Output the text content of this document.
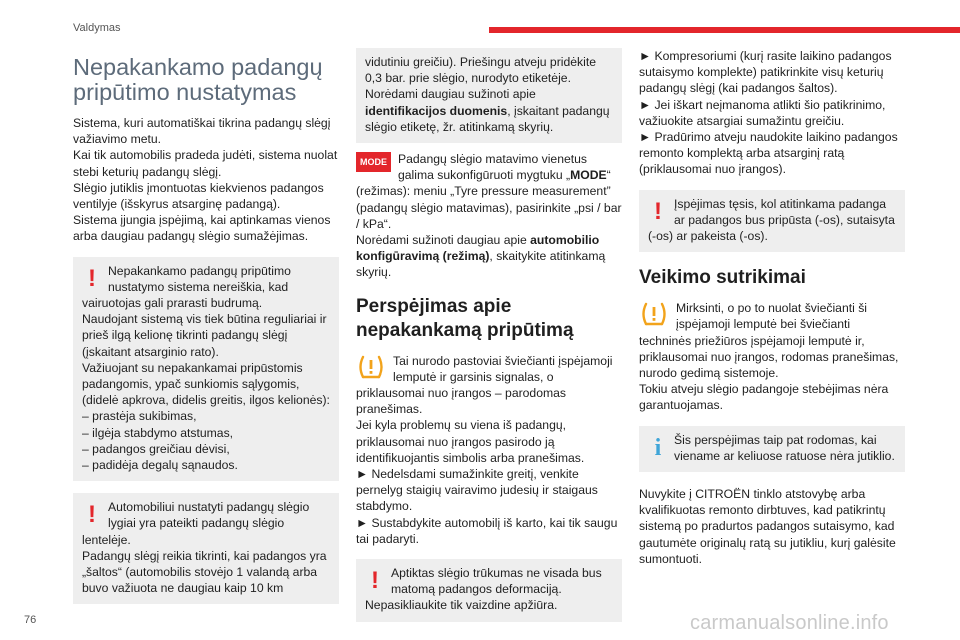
Valdymas
Nepakankamo padangų pripūtimo nustatymas

Sistema, kuri automatiškai tikrina padangų slėgį važiavimo metu.

Kai tik automobilis pradeda judėti, sistema nuolat stebi keturių padangų slėgį.

Slėgio jutiklis įmontuotas kiekvienos padangos ventilyje (išskyrus atsarginę padangą).

Sistema įjungia įspėjimą, kai aptinkamas vienos arba daugiau padangų slėgio sumažėjimas.

! Nepakankamo padangų pripūtimo nustatymo sistema nereiškia, kad vairuotojas gali prarasti budrumą.

Naudojant sistemą vis tiek būtina reguliariai ir prieš ilgą kelionę tikrinti padangų slėgį (įskaitant atsarginio rato).

Važiuojant su nepakankamai pripūstomis padangomis, ypač sunkiomis sąlygomis, (didelė apkrova, didelis greitis, ilgos kelionės):

– prastėja sukibimas,

– ilgėja stabdymo atstumas,

– padangos greičiau dėvisi,

– padidėja degalų sąnaudos.

! Automobiliui nustatyti padangų slėgio lygiai yra pateikti padangų slėgio lentelėje.

Padangų slėgį reikia tikrinti, kai padangos yra „šaltos“ (automobilis stovėjo 1 valandą arba buvo važiuota ne daugiau kaip 10 km

vidutiniu greičiu). Priešingu atveju pridėkite 0,3 bar. prie slėgio, nurodyto etiketėje.

Norėdami daugiau sužinoti apie identifikacijos duomenis, įskaitant padangų slėgio etiketę, žr. atitinkamą skyrių.

MODE Padangų slėgio matavimo vienetus galima sukonfigūruoti mygtuku „MODE“ (režimas): meniu „Tyre pressure measurement” (padangų slėgio matavimas), pasirinkite „psi / bar / kPa“.

Norėdami sužinoti daugiau apie automobilio konfigūravimą (režimą), skaitykite atitinkamą skyrių.

Perspėjimas apie nepakankamą pripūtimą

Tai nurodo pastoviai šviečianti įspėjamoji lemputė ir garsinis signalas, o priklausomai nuo įrangos – parodomas pranešimas.

Jei kyla problemų su viena iš padangų, priklausomai nuo įrangos pasirodo ją identifikuojantis simbolis arba pranešimas.

► Nedelsdami sumažinkite greitį, venkite pernelyg staigių vairavimo judesių ir staigaus stabdymo.

► Sustabdykite automobilį iš karto, kai tik saugu tai padaryti.

! Aptiktas slėgio trūkumas ne visada bus matomą padangos deformaciją.

Nepasikliaukite tik vaizdine apžiūra.

► Kompresoriumi (kurį rasite laikino padangos sutaisymo komplekte) patikrinkite visų keturių padangų slėgį (kai padangos šaltos).

► Jei iškart neįmanoma atlikti šio patikrinimo, važiuokite atsargiai sumažintu greičiu.

► Pradūrimo atveju naudokite laikino padangos remonto komplektą arba atsarginį ratą (priklausomai nuo įrangos).

! Įspėjimas tęsis, kol atitinkama padanga ar padangos bus pripūsta (-os), sutaisyta (-os) ar pakeista (-os).

Veikimo sutrikimai

Mirksinti, o po to nuolat šviečianti ši įspėjamoji lemputė bei šviečianti techninės priežiūros įspėjamoji lemputė ir, priklausomai nuo įrangos, rodomas pranešimas, nurodo gedimą sistemoje.

Tokiu atveju slėgio padangoje stebėjimas nėra garantuojamas.

i	Šis perspėjimas taip pat rodomas, kai viename ar keliuose ratuose nėra jutiklio.

Nuvykite į CITROËN tinklo atstovybę arba kvalifikuotas remonto dirbtuves, kad patikrintų sistemą po pradurtos padangos sutaisymo, kad gautumėte originalų ratą su jutikliu, kurį galėsite sumontuoti.

76	carmanualsonline.info
